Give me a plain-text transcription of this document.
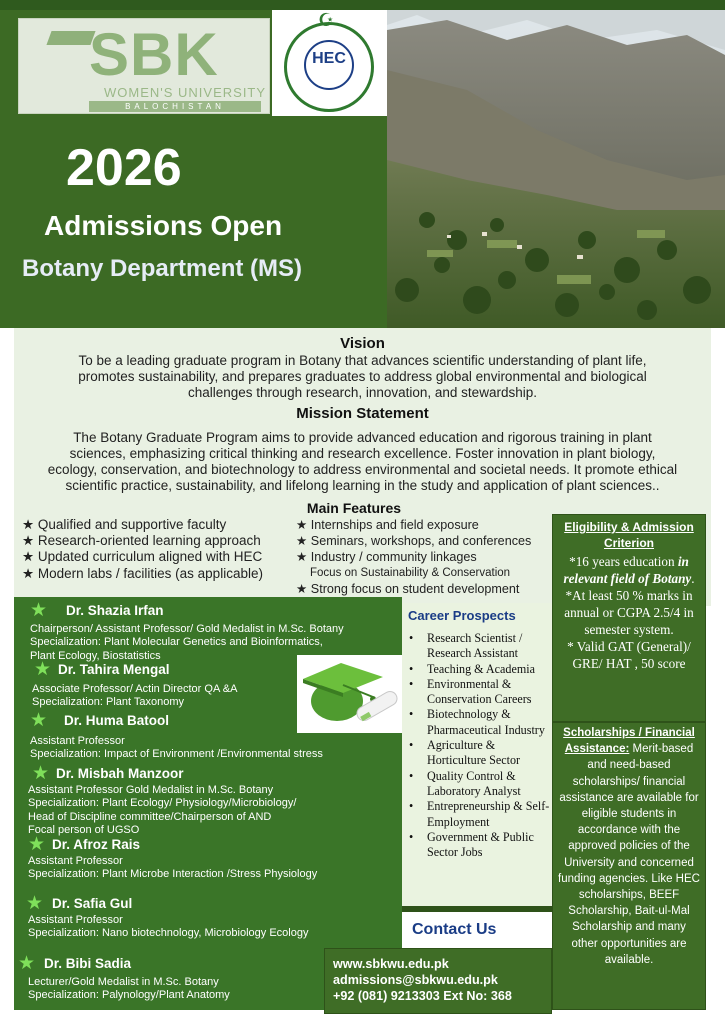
SBK
WOMEN'S UNIVERSITY
BALOCHISTAN
☪
HEC
2026
Admissions Open
Botany Department (MS)
Vision
To be a leading graduate program in Botany that advances scientific understanding of plant life,
promotes sustainability, and prepares graduates to address global environmental and biological
challenges through research, innovation, and stewardship.
Mission Statement
The Botany Graduate Program aims to provide advanced education and rigorous training in plant
sciences, emphasizing critical thinking and research excellence. Foster innovation in plant biology,
ecology, conservation, and biotechnology to address environmental and societal needs. It promote ethical
scientific practice, sustainability, and lifelong learning in the study and application of plant sciences..
Main Features
★ Qualified and supportive faculty
★ Research-oriented learning approach
★ Updated curriculum aligned with HEC
★ Modern labs / facilities (as applicable)
★ Internships and field exposure
★ Seminars, workshops, and conferences
★ Industry / community linkages
Focus on Sustainability & Conservation
★ Strong focus on student development
Eligibility & Admission
Criterion
*16 years education in relevant field of Botany.
*At least 50 % marks in annual or CGPA 2.5/4 in semester system.
* Valid GAT (General)/ GRE/ HAT , 50 score
Scholarships / Financial Assistance: Merit-based and need-based scholarships/ financial assistance are available for eligible students in accordance with the approved policies of the University and concerned funding agencies. Like HEC scholarships, BEEF Scholarship, Bait-ul-Mal Scholarship and many other opportunities are available.
★ Dr. Shazia Irfan
Chairperson/ Assistant Professor/ Gold Medalist in M.Sc. Botany
Specialization: Plant Molecular Genetics and Bioinformatics,
Plant Ecology, Biostatistics
★ Dr. Tahira Mengal
Associate Professor/ Actin Director QA &A
Specialization: Plant Taxonomy
★ Dr. Huma Batool
Assistant Professor
Specialization: Impact of Environment /Environmental stress
★ Dr. Misbah Manzoor
Assistant Professor Gold Medalist in M.Sc. Botany
Specialization: Plant Ecology/ Physiology/Microbiology/
Head of Discipline committee/Chairperson of AND
Focal person of UGSO
★ Dr. Afroz Rais
Assistant Professor
Specialization: Plant Microbe Interaction /Stress Physiology
★ Dr. Safia Gul
Assistant Professor
Specialization: Nano biotechnology, Microbiology Ecology
★ Dr. Bibi Sadia
Lecturer/Gold Medalist in M.Sc. Botany
Specialization: Palynology/Plant Anatomy
Career Prospects
• Research Scientist / Research Assistant
• Teaching & Academia
• Environmental & Conservation Careers
• Biotechnology & Pharmaceutical Industry
• Agriculture & Horticulture Sector
• Quality Control & Laboratory Analyst
• Entrepreneurship & Self-Employment
• Government & Public Sector Jobs
Contact Us
www.sbkwu.edu.pk
admissions@sbkwu.edu.pk
+92 (081) 9213303 Ext No: 368
